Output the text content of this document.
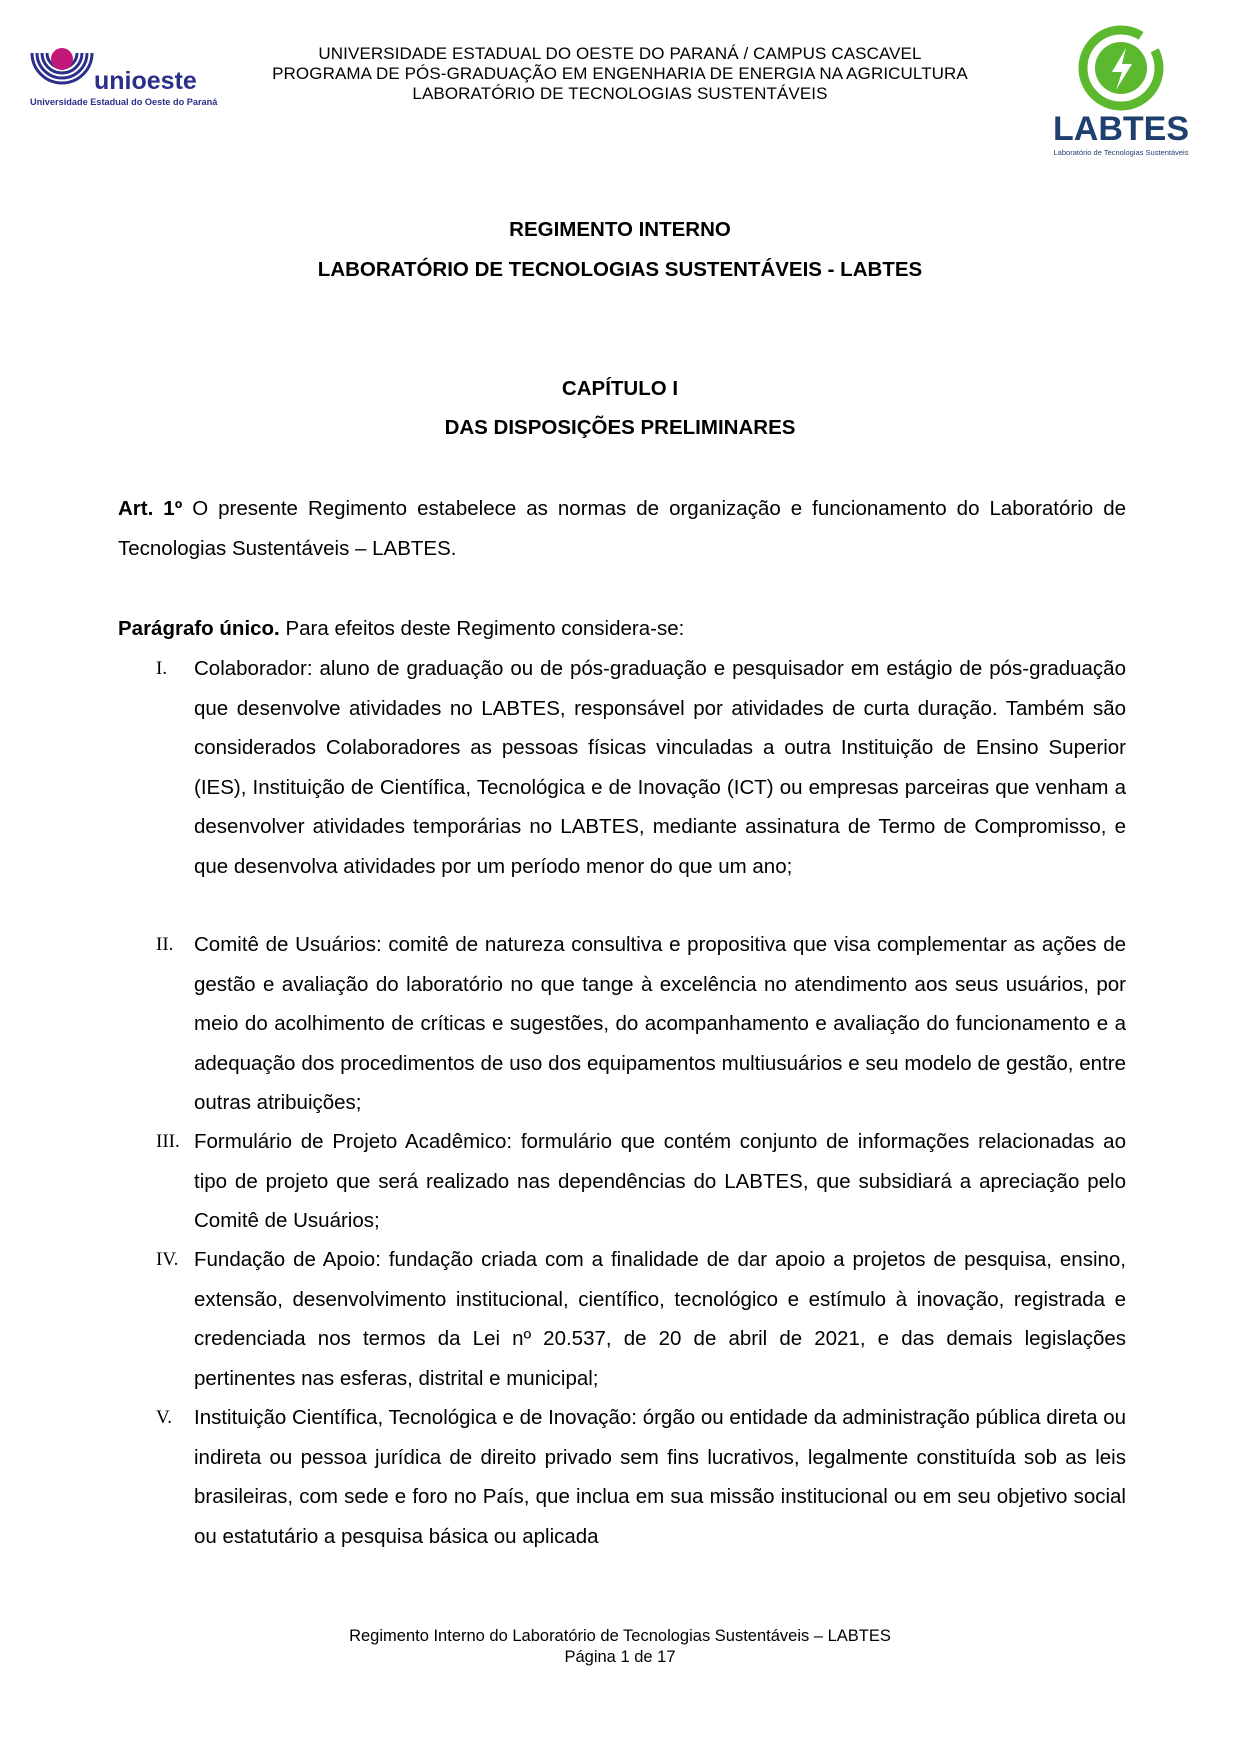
unioeste
Universidade Estadual do Oeste do Paraná
UNIVERSIDADE ESTADUAL DO OESTE DO PARANÁ / CAMPUS CASCAVEL
PROGRAMA DE PÓS-GRADUAÇÃO EM ENGENHARIA DE ENERGIA NA AGRICULTURA
LABORATÓRIO DE TECNOLOGIAS SUSTENTÁVEIS
LABTES
Laboratório de Tecnologias Sustentáveis
REGIMENTO INTERNO
LABORATÓRIO DE TECNOLOGIAS SUSTENTÁVEIS - LABTES
CAPÍTULO I
DAS DISPOSIÇÕES PRELIMINARES
Art. 1º O presente Regimento estabelece as normas de organização e funcionamento do Laboratório de Tecnologias Sustentáveis – LABTES.
Parágrafo único. Para efeitos deste Regimento considera-se:
I. Colaborador: aluno de graduação ou de pós-graduação e pesquisador em estágio de pós-graduação que desenvolve atividades no LABTES, responsável por atividades de curta duração. Também são considerados Colaboradores as pessoas físicas vinculadas a outra Instituição de Ensino Superior (IES), Instituição de Científica, Tecnológica e de Inovação (ICT) ou empresas parceiras que venham a desenvolver atividades temporárias no LABTES, mediante assinatura de Termo de Compromisso, e que desenvolva atividades por um período menor do que um ano;
II. Comitê de Usuários: comitê de natureza consultiva e propositiva que visa complementar as ações de gestão e avaliação do laboratório no que tange à excelência no atendimento aos seus usuários, por meio do acolhimento de críticas e sugestões, do acompanhamento e avaliação do funcionamento e a adequação dos procedimentos de uso dos equipamentos multiusuários e seu modelo de gestão, entre outras atribuições;
III. Formulário de Projeto Acadêmico: formulário que contém conjunto de informações relacionadas ao tipo de projeto que será realizado nas dependências do LABTES, que subsidiará a apreciação pelo Comitê de Usuários;
IV. Fundação de Apoio: fundação criada com a finalidade de dar apoio a projetos de pesquisa, ensino, extensão, desenvolvimento institucional, científico, tecnológico e estímulo à inovação, registrada e credenciada nos termos da Lei nº 20.537, de 20 de abril de 2021, e das demais legislações pertinentes nas esferas, distrital e municipal;
V. Instituição Científica, Tecnológica e de Inovação: órgão ou entidade da administração pública direta ou indireta ou pessoa jurídica de direito privado sem fins lucrativos, legalmente constituída sob as leis brasileiras, com sede e foro no País, que inclua em sua missão institucional ou em seu objetivo social ou estatutário a pesquisa básica ou aplicada
Regimento Interno do Laboratório de Tecnologias Sustentáveis – LABTES
Página 1 de 17
